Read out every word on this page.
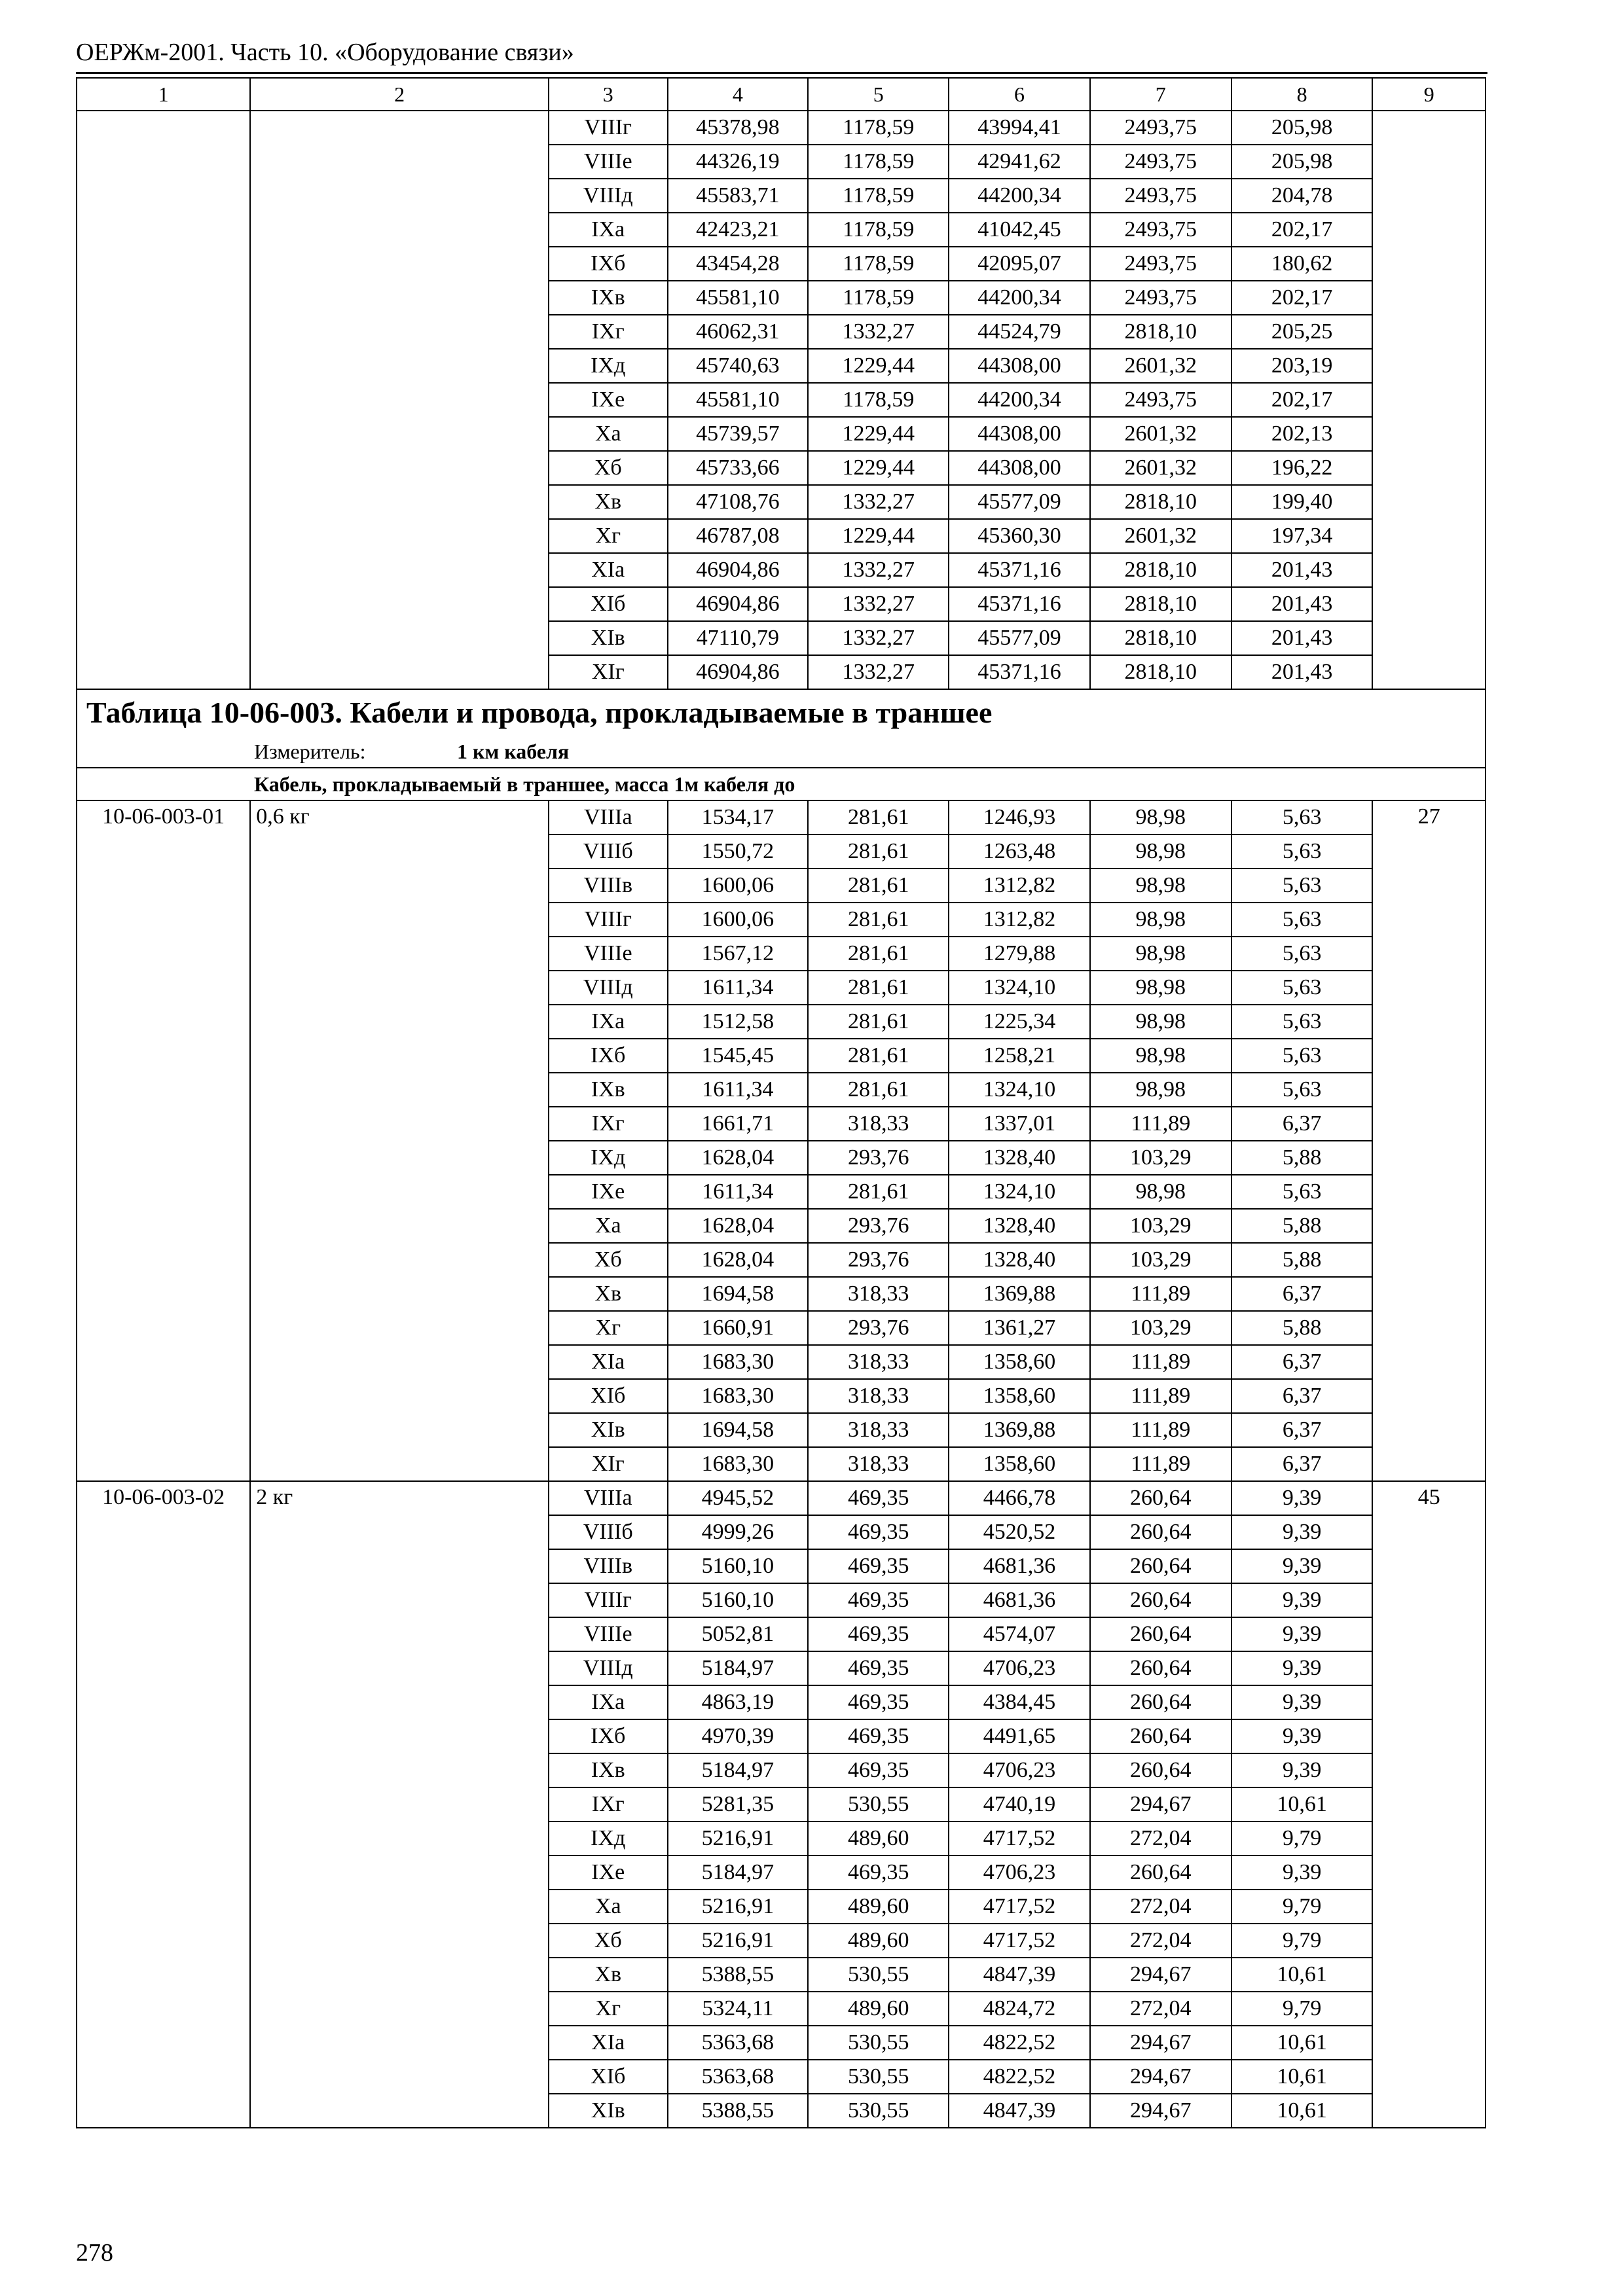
ОЕРЖм-2001. Часть 10. «Оборудование связи»
1	2	3	4	5	6	7	8	9
		VIIIг	45378,98	1178,59	43994,41	2493,75	205,98	
		VIIIе	44326,19	1178,59	42941,62	2493,75	205,98	
		VIIIд	45583,71	1178,59	44200,34	2493,75	204,78	
		IXа	42423,21	1178,59	41042,45	2493,75	202,17	
		IXб	43454,28	1178,59	42095,07	2493,75	180,62	
		IXв	45581,10	1178,59	44200,34	2493,75	202,17	
		IXг	46062,31	1332,27	44524,79	2818,10	205,25	
		IXд	45740,63	1229,44	44308,00	2601,32	203,19	
		IXе	45581,10	1178,59	44200,34	2493,75	202,17	
		Xа	45739,57	1229,44	44308,00	2601,32	202,13	
		Xб	45733,66	1229,44	44308,00	2601,32	196,22	
		Xв	47108,76	1332,27	45577,09	2818,10	199,40	
		Xг	46787,08	1229,44	45360,30	2601,32	197,34	
		XIа	46904,86	1332,27	45371,16	2818,10	201,43	
		XIб	46904,86	1332,27	45371,16	2818,10	201,43	
		XIв	47110,79	1332,27	45577,09	2818,10	201,43	
		XIг	46904,86	1332,27	45371,16	2818,10	201,43	
Таблица 10-06-003. Кабели и провода, прокладываемые в траншее								
Измеритель: 1 км кабеля								
Кабель, прокладываемый в траншее, масса 1м кабеля до								
10-06-003-01	0,6 кг	VIIIа	1534,17	281,61	1246,93	98,98	5,63	27
		VIIIб	1550,72	281,61	1263,48	98,98	5,63	
		VIIIв	1600,06	281,61	1312,82	98,98	5,63	
		VIIIг	1600,06	281,61	1312,82	98,98	5,63	
		VIIIе	1567,12	281,61	1279,88	98,98	5,63	
		VIIIд	1611,34	281,61	1324,10	98,98	5,63	
		IXа	1512,58	281,61	1225,34	98,98	5,63	
		IXб	1545,45	281,61	1258,21	98,98	5,63	
		IXв	1611,34	281,61	1324,10	98,98	5,63	
		IXг	1661,71	318,33	1337,01	111,89	6,37	
		IXд	1628,04	293,76	1328,40	103,29	5,88	
		IXе	1611,34	281,61	1324,10	98,98	5,63	
		Xа	1628,04	293,76	1328,40	103,29	5,88	
		Xб	1628,04	293,76	1328,40	103,29	5,88	
		Xв	1694,58	318,33	1369,88	111,89	6,37	
		Xг	1660,91	293,76	1361,27	103,29	5,88	
		XIа	1683,30	318,33	1358,60	111,89	6,37	
		XIб	1683,30	318,33	1358,60	111,89	6,37	
		XIв	1694,58	318,33	1369,88	111,89	6,37	
		XIг	1683,30	318,33	1358,60	111,89	6,37	
10-06-003-02	2 кг	VIIIа	4945,52	469,35	4466,78	260,64	9,39	45
		VIIIб	4999,26	469,35	4520,52	260,64	9,39	
		VIIIв	5160,10	469,35	4681,36	260,64	9,39	
		VIIIг	5160,10	469,35	4681,36	260,64	9,39	
		VIIIе	5052,81	469,35	4574,07	260,64	9,39	
		VIIIд	5184,97	469,35	4706,23	260,64	9,39	
		IXа	4863,19	469,35	4384,45	260,64	9,39	
		IXб	4970,39	469,35	4491,65	260,64	9,39	
		IXв	5184,97	469,35	4706,23	260,64	9,39	
		IXг	5281,35	530,55	4740,19	294,67	10,61	
		IXд	5216,91	489,60	4717,52	272,04	9,79	
		IXе	5184,97	469,35	4706,23	260,64	9,39	
		Xа	5216,91	489,60	4717,52	272,04	9,79	
		Xб	5216,91	489,60	4717,52	272,04	9,79	
		Xв	5388,55	530,55	4847,39	294,67	10,61	
		Xг	5324,11	489,60	4824,72	272,04	9,79	
		XIа	5363,68	530,55	4822,52	294,67	10,61	
		XIб	5363,68	530,55	4822,52	294,67	10,61	
		XIв	5388,55	530,55	4847,39	294,67	10,61	
278
